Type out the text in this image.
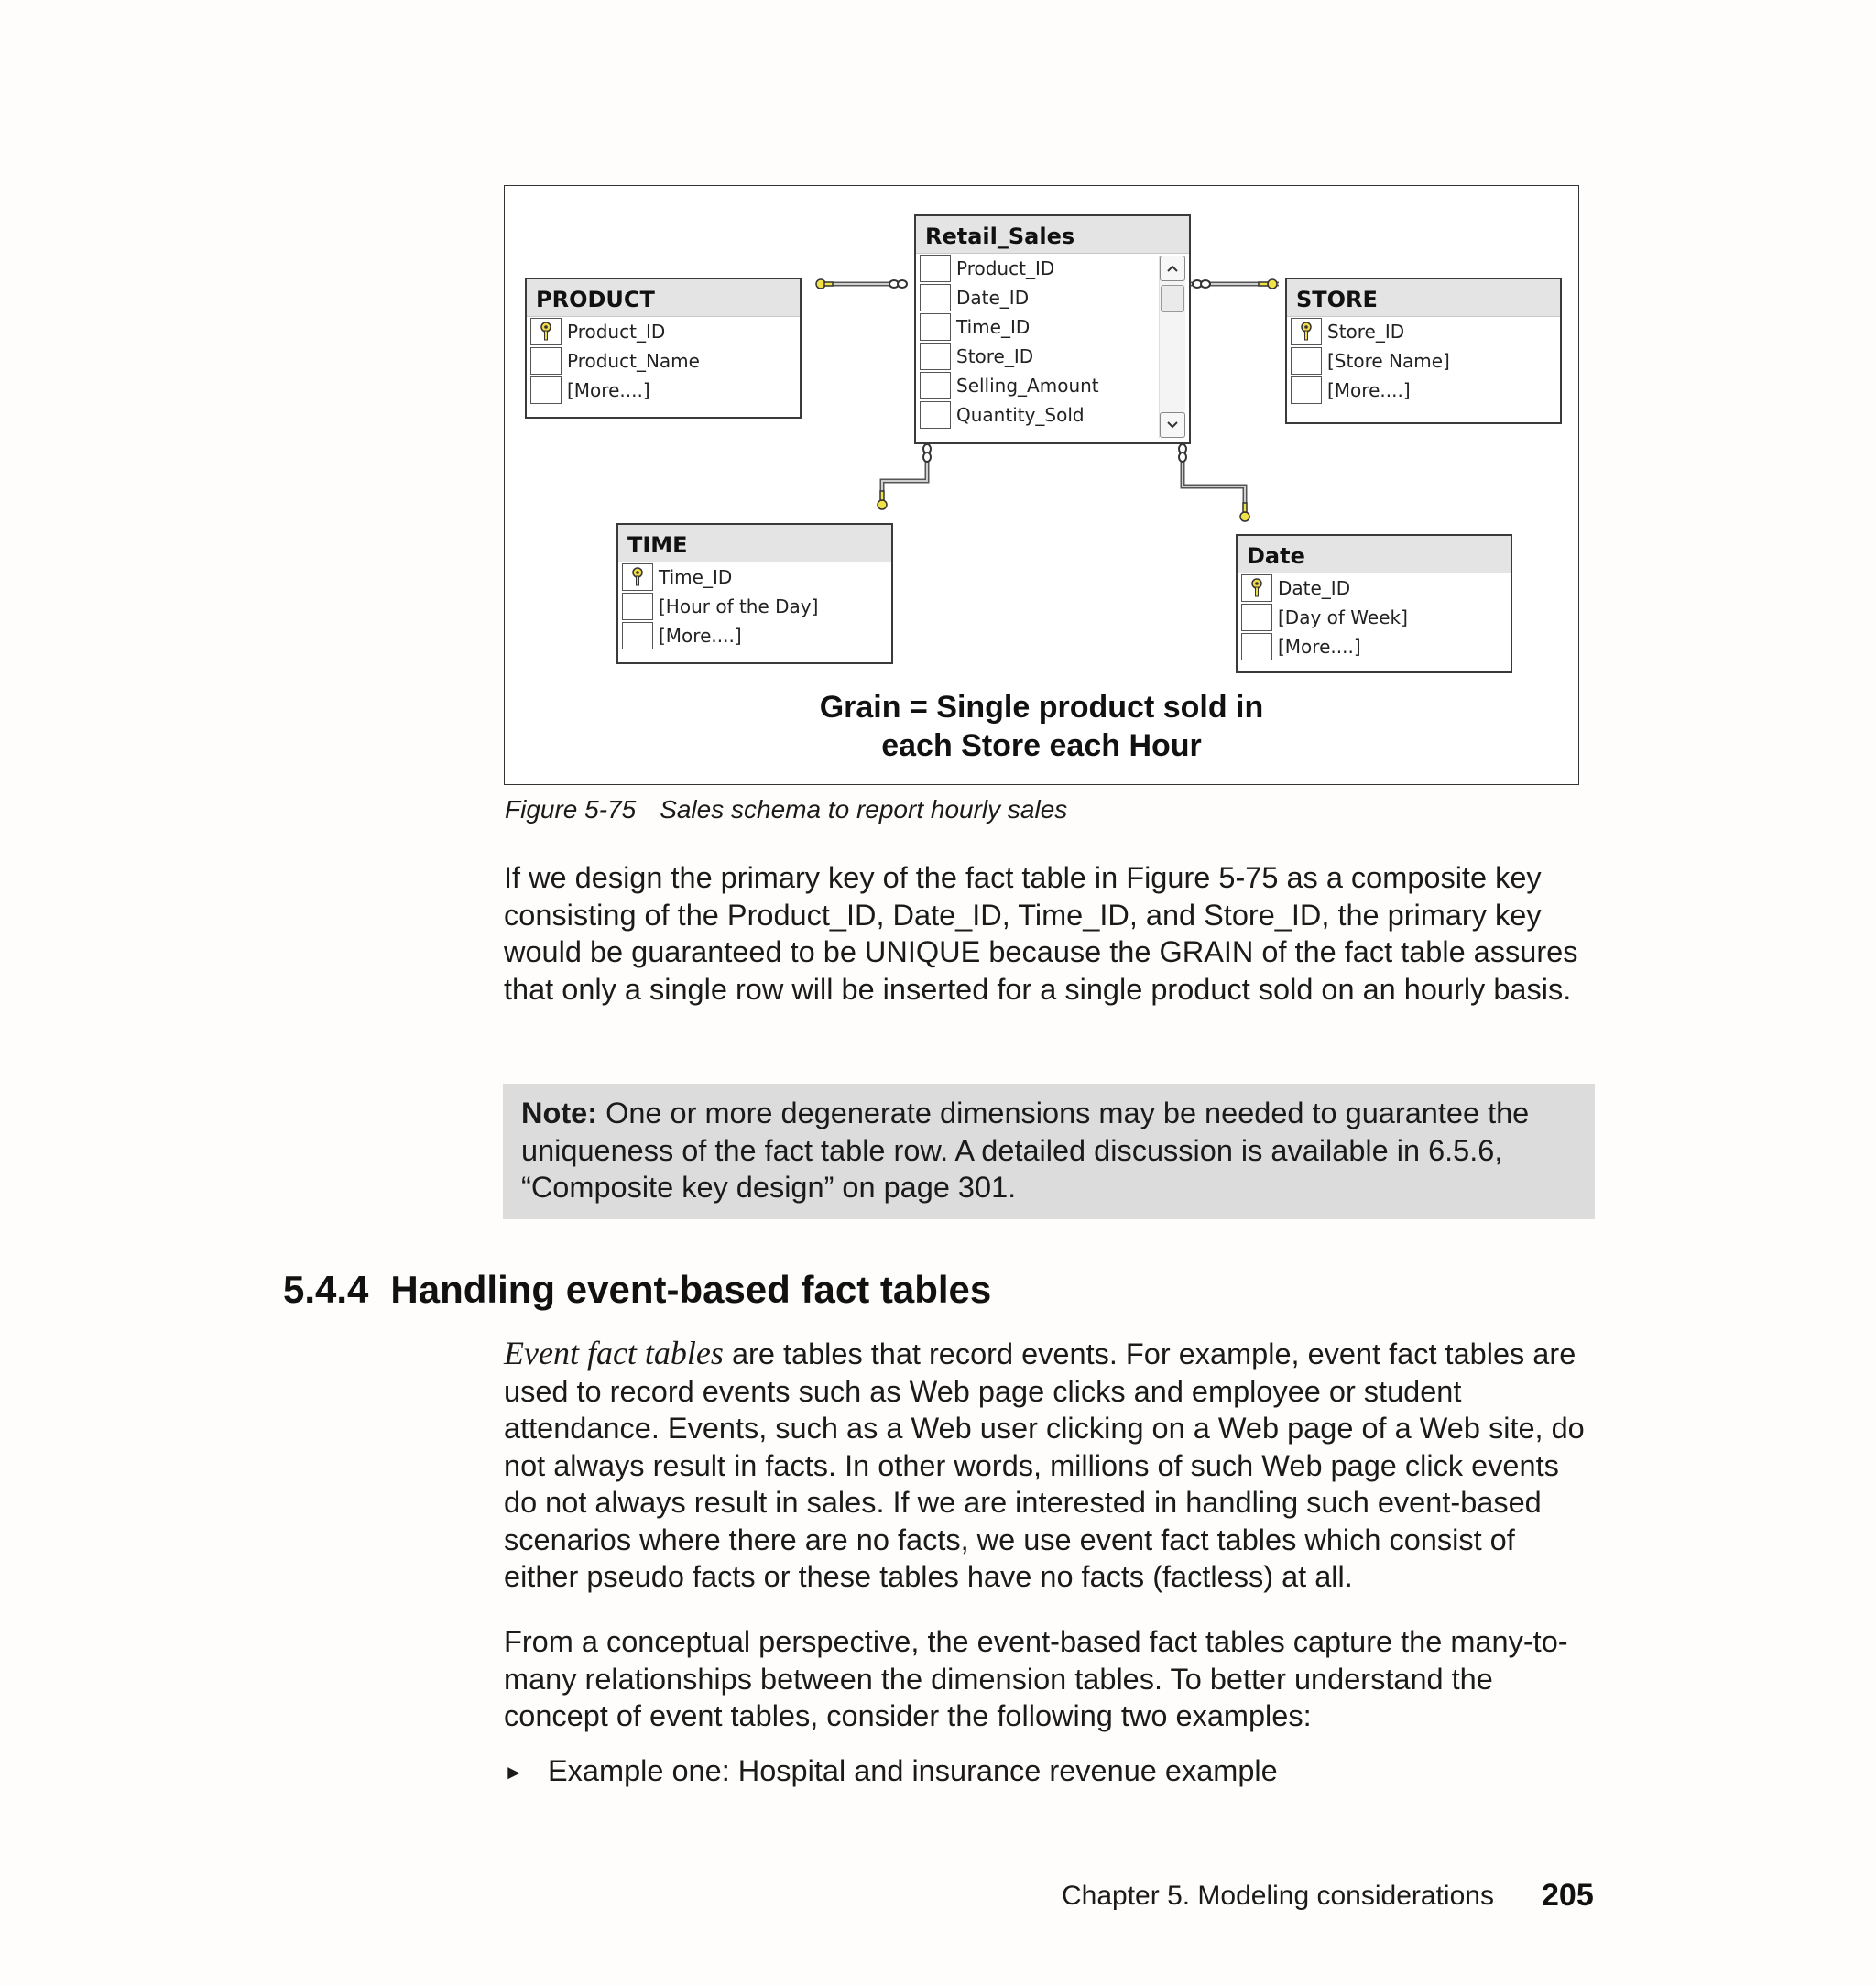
PRODUCT
Product_ID
Product_Name
[More....]
Retail_Sales
Product_ID
Date_ID
Time_ID
Store_ID
Selling_Amount
Quantity_Sold
STORE
Store_ID
[Store Name]
[More....]
TIME
Time_ID
[Hour of the Day]
[More....]
Date
Date_ID
[Day of Week]
[More....]
Grain = Single product sold in
each Store each Hour
Figure 5-75 Sales schema to report hourly sales

If we design the primary key of the fact table in Figure 5-75 as a composite key consisting of the Product_ID, Date_ID, Time_ID, and Store_ID, the primary key would be guaranteed to be UNIQUE because the GRAIN of the fact table assures that only a single row will be inserted for a single product sold on an hourly basis.

Note: One or more degenerate dimensions may be needed to guarantee the uniqueness of the fact table row. A detailed discussion is available in 6.5.6, “Composite key design” on page 301.
5.4.4 Handling event-based fact tables

Event fact tables are tables that record events. For example, event fact tables are used to record events such as Web page clicks and employee or student attendance. Events, such as a Web user clicking on a Web page of a Web site, do not always result in facts. In other words, millions of such Web page click events do not always result in sales. If we are interested in handling such event-based scenarios where there are no facts, we use event fact tables which consist of either pseudo facts or these tables have no facts (factless) at all.

From a conceptual perspective, the event-based fact tables capture the many-to-many relationships between the dimension tables. To better understand the concept of event tables, consider the following two examples:

► Example one: Hospital and insurance revenue example
Chapter 5. Modeling considerations 205
